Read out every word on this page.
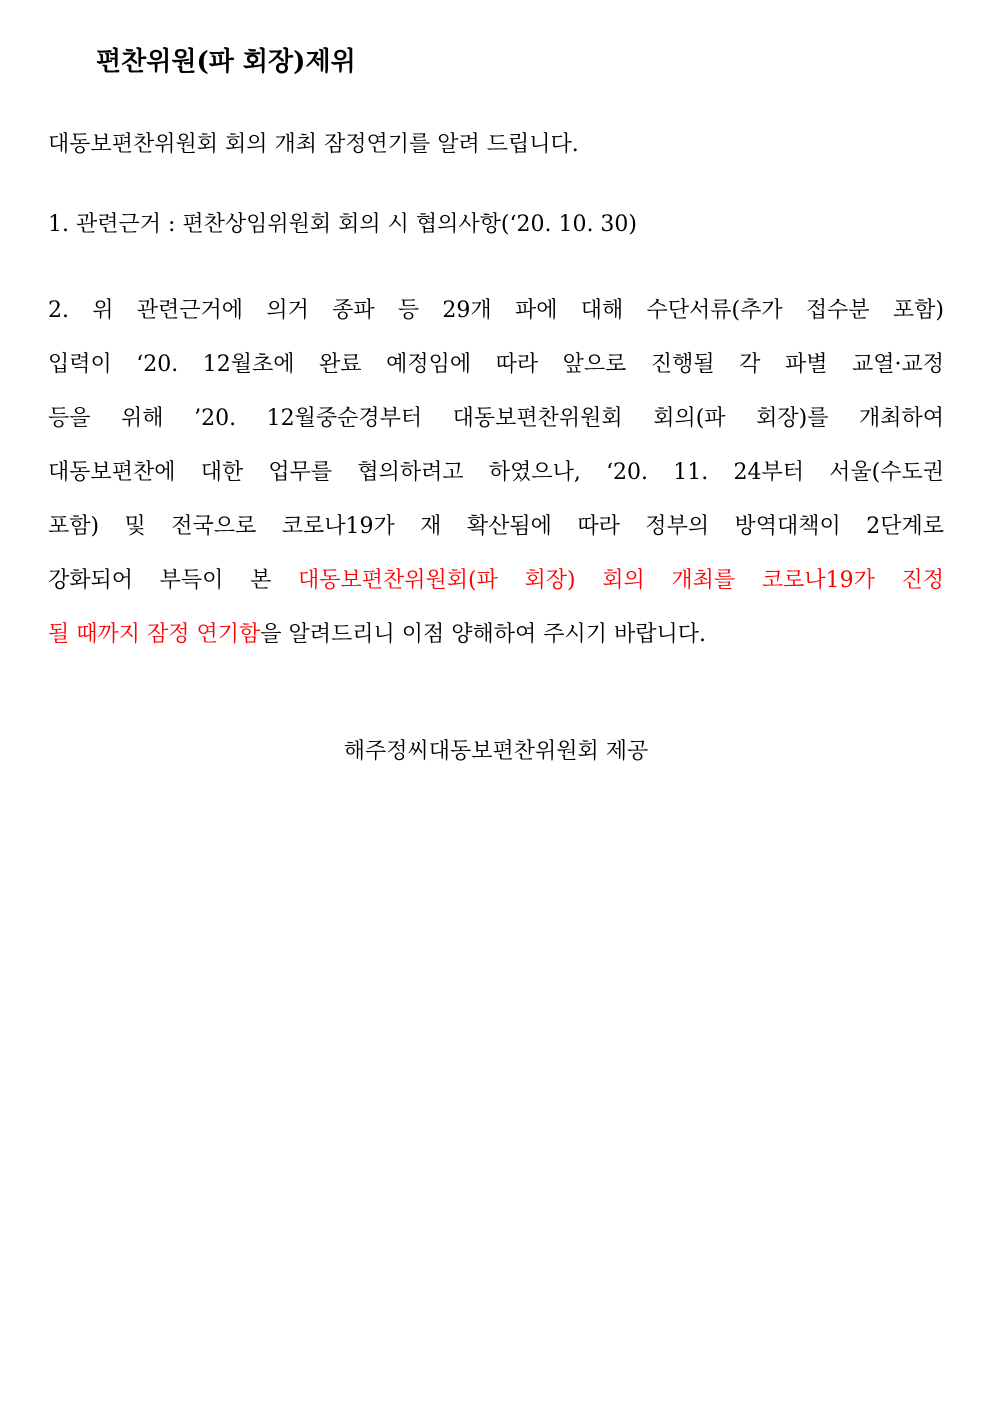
편찬위원(파 회장)제위
대동보편찬위원회 회의 개최 잠정연기를 알려 드립니다.
1. 관련근거 : 편찬상임위원회 회의 시 협의사항(‘20. 10. 30)
2. 위 관련근거에 의거 종파 등 29개 파에 대해 수단서류(추가 접수분 포함)
입력이 ‘20. 12월초에 완료 예정임에 따라 앞으로 진행될 각 파별 교열·교정
등을 위해 ’20. 12월중순경부터 대동보편찬위원회 회의(파 회장)를 개최하여
대동보편찬에 대한 업무를 협의하려고 하였으나, ‘20. 11. 24부터 서울(수도권
포함) 및 전국으로 코로나19가 재 확산됨에 따라 정부의 방역대책이 2단계로
강화되어 부득이 본 대동보편찬위원회(파 회장) 회의 개최를 코로나19가 진정
될 때까지 잠정 연기함을 알려드리니 이점 양해하여 주시기 바랍니다.
해주정씨대동보편찬위원회 제공
